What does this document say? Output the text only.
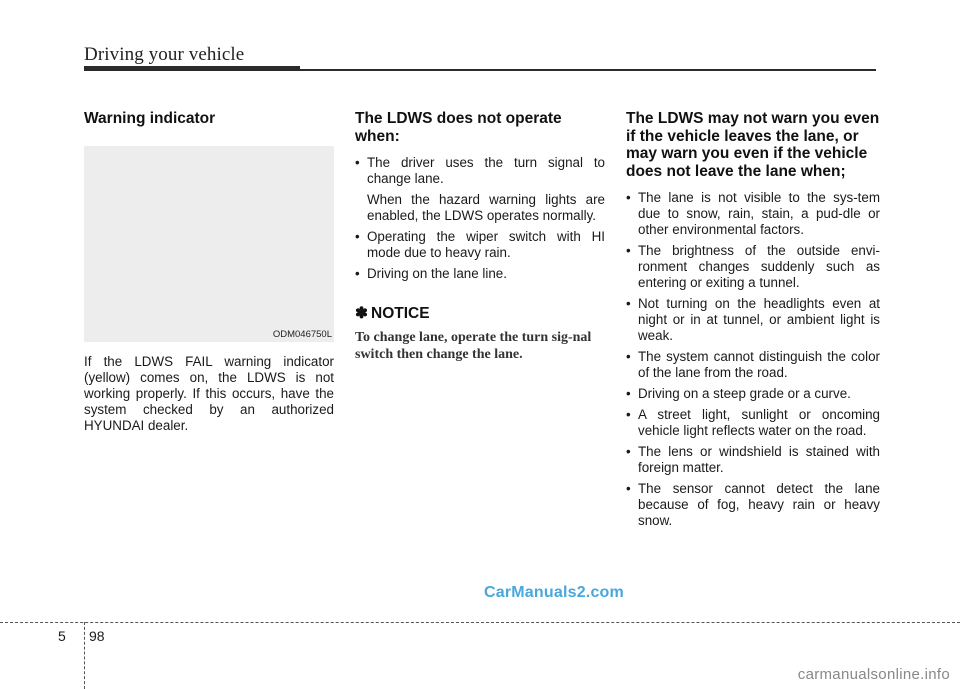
Driving your vehicle
Warning indicator
ODM046750L

If the LDWS FAIL warning indicator (yellow) comes on, the LDWS is not working properly. If this occurs, have the system checked by an authorized HYUNDAI dealer.

The LDWS does not operate when:
• The driver uses the turn signal to change lane.
When the hazard warning lights are enabled, the LDWS operates normally.
• Operating the wiper switch with HI mode due to heavy rain.
• Driving on the lane line.
✽ NOTICE
To change lane, operate the turn sig-nal switch then change the lane.
The LDWS may not warn you even if the vehicle leaves the lane, or may warn you even if the vehicle does not leave the lane when;
• The lane is not visible to the sys-tem due to snow, rain, stain, a pud-dle or other environmental factors.
• The brightness of the outside envi-ronment changes suddenly such as entering or exiting a tunnel.
• Not turning on the headlights even at night or in at tunnel, or ambient light is weak.
• The system cannot distinguish the color of the lane from the road.
• Driving on a steep grade or a curve.
• A street light, sunlight or oncoming vehicle light reflects water on the road.
• The lens or windshield is stained with foreign matter.
• The sensor cannot detect the lane because of fog, heavy rain or heavy snow.
CarManuals2.com
5 98
carmanualsonline.info
